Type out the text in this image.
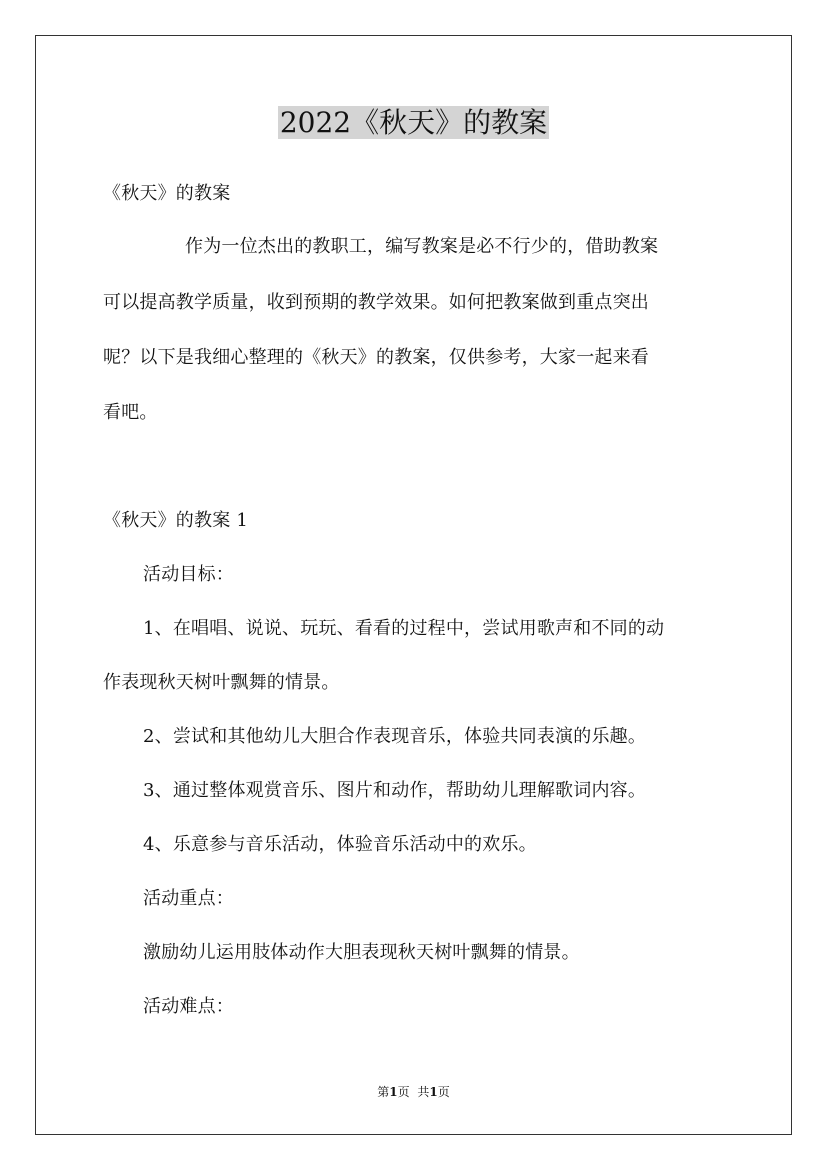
2022《秋天》的教案

《秋天》的教案

作为一位杰出的教职工，编写教案是必不行少的，借助教案

可以提高教学质量，收到预期的教学效果。如何把教案做到重点突出

呢？以下是我细心整理的《秋天》的教案，仅供参考，大家一起来看

看吧。

《秋天》的教案 1

活动目标：

1、在唱唱、说说、玩玩、看看的过程中，尝试用歌声和不同的动

作表现秋天树叶飘舞的情景。

2、尝试和其他幼儿大胆合作表现音乐，体验共同表演的乐趣。

3、通过整体观赏音乐、图片和动作，帮助幼儿理解歌词内容。

4、乐意参与音乐活动，体验音乐活动中的欢乐。

活动重点：

激励幼儿运用肢体动作大胆表现秋天树叶飘舞的情景。

活动难点：

第1页 共1页
